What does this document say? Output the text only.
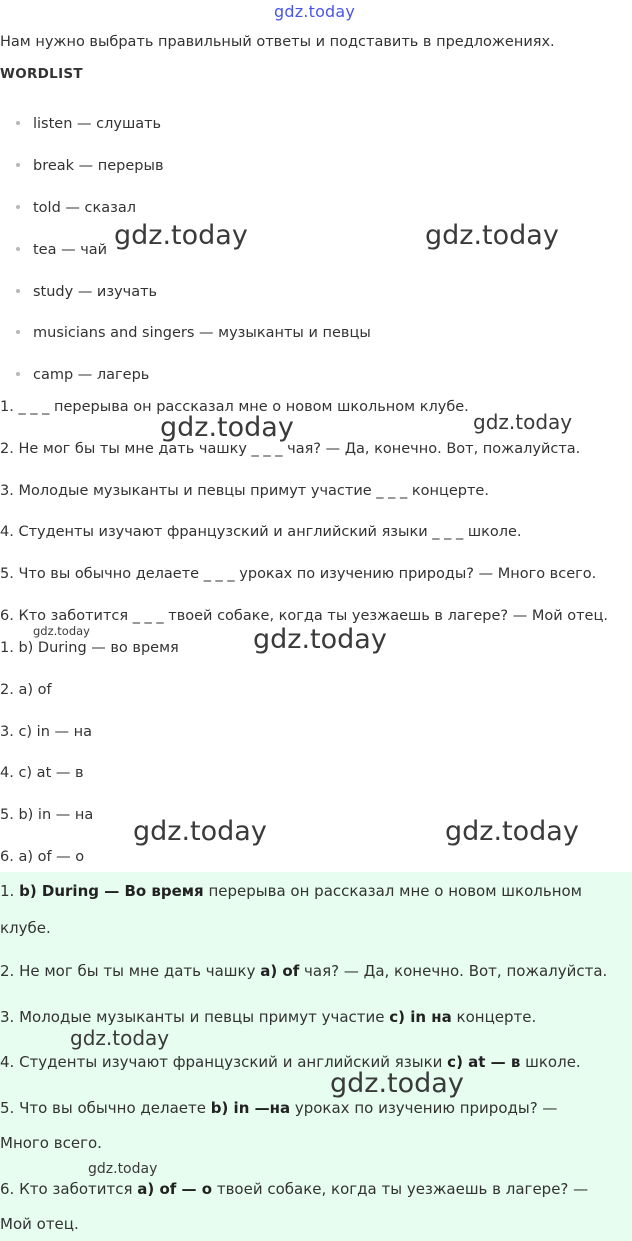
gdz.today
Нам нужно выбрать правильный ответы и подставить в предложениях.
WORDLIST
listen — слушать
break — перерыв
told — сказал
tea — чай
study — изучать
musicians and singers — музыканты и певцы
camp — лагерь
1. _ _ _ перерыва он рассказал мне о новом школьном клубе.
2. Не мог бы ты мне дать чашку _ _ _ чая? — Да, конечно. Вот, пожалуйста.
3. Молодые музыканты и певцы примут участие _ _ _ концерте.
4. Студенты изучают французский и английский языки _ _ _ школе.
5. Что вы обычно делаете _ _ _ уроках по изучению природы? — Много всего.
6. Кто заботится _ _ _ твоей собаке, когда ты уезжаешь в лагере? — Мой отец.
1. b) During — во время
2. a) of
3. c) in — на
4. c) at — в
5. b) in — на
6. a) of — o
1. b) During — Во время перерыва он рассказал мне о новом школьном
клубе.
2. Не мог бы ты мне дать чашку a) of чая? — Да, конечно. Вот, пожалуйста.
3. Молодые музыканты и певцы примут участие c) in на концерте.
4. Студенты изучают французский и английский языки c) at — в школе.
5. Что вы обычно делаете b) in —на уроках по изучению природы? —
Много всего.
6. Кто заботится a) of — o твоей собаке, когда ты уезжаешь в лагере? —
Мой отец.
gdz.today	gdz.today
gdz.today	gdz.today
gdz.today	gdz.today
gdz.today	gdz.today
gdz.today
gdz.today
gdz.today
